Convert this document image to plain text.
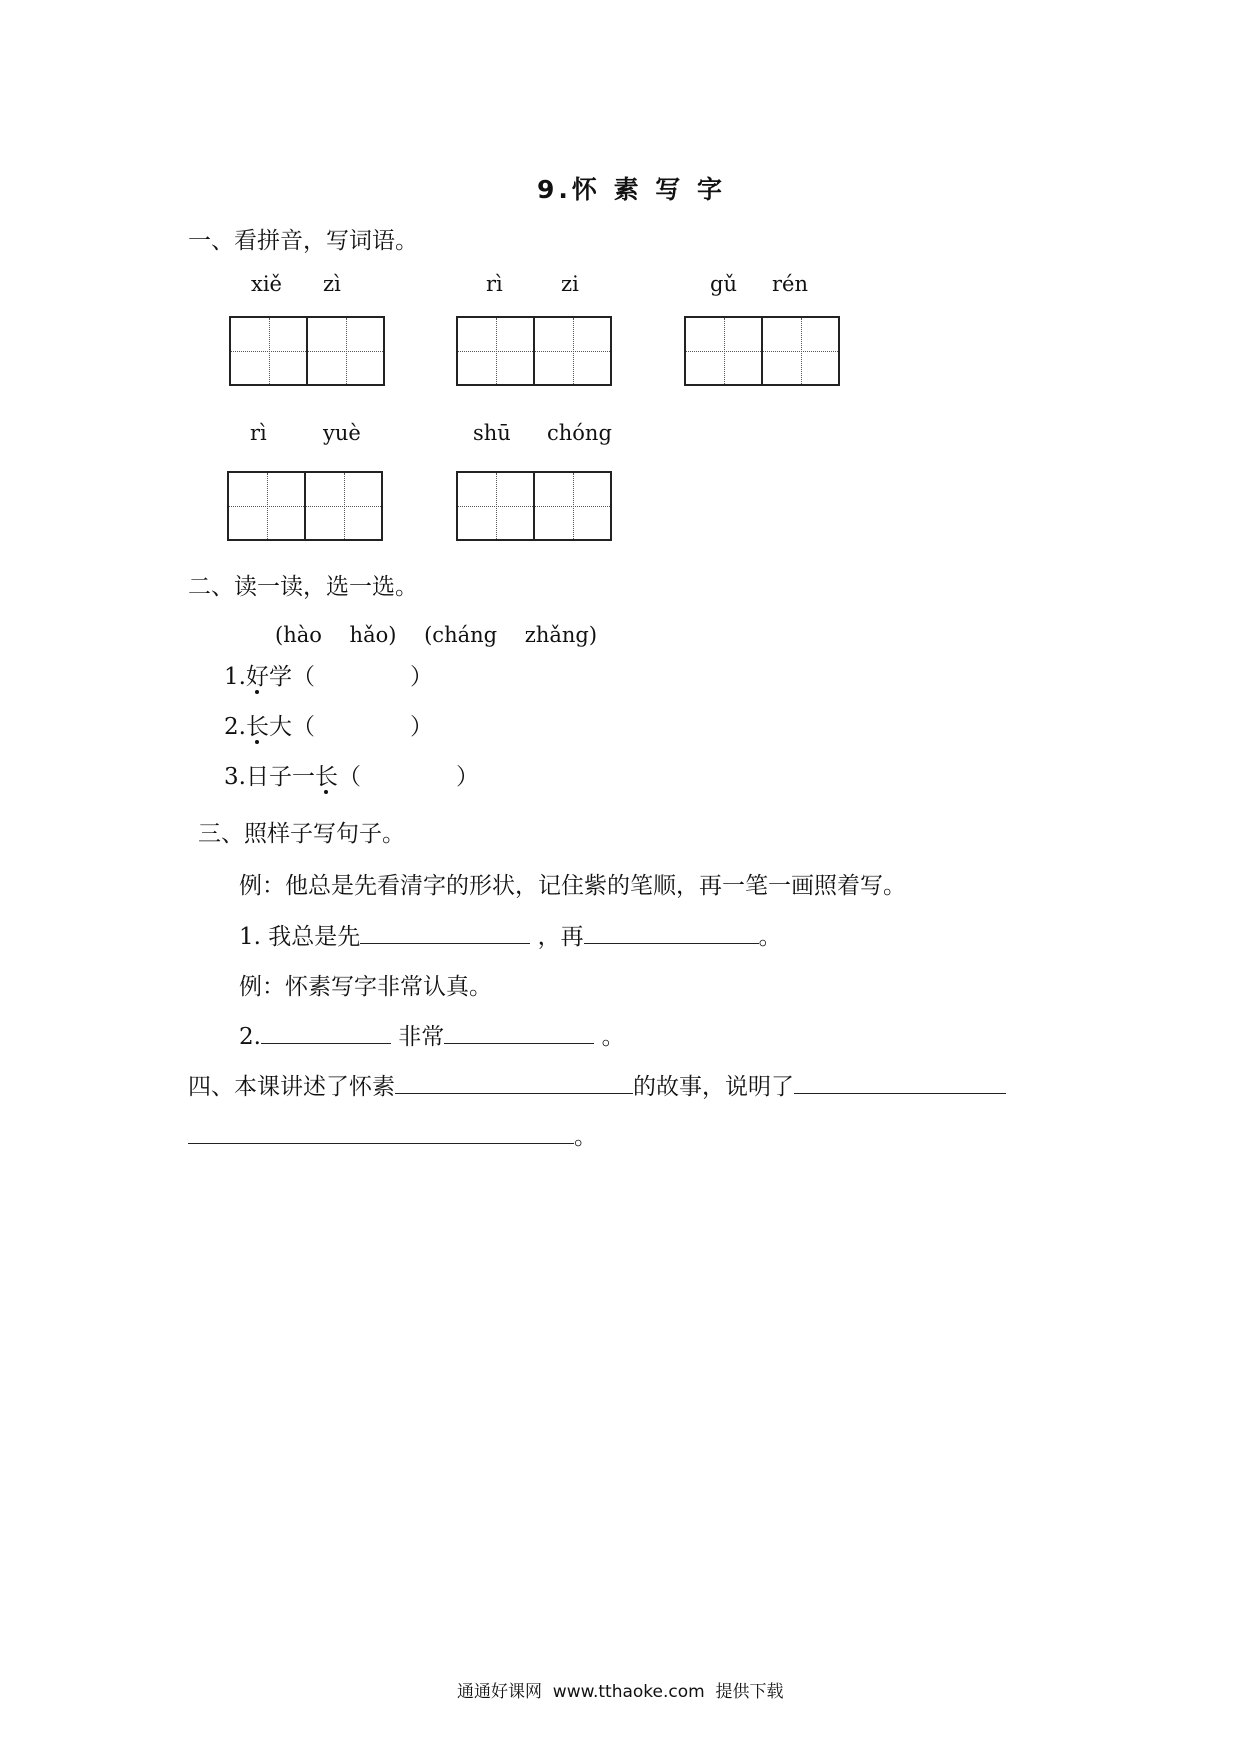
9.怀 素 写 字
一、看拼音，写词语。
xiě zì	rì	zi	gǔ rén
rì	yuè	shū chóng
二、读一读，选一选。
(hào　 hǎo)　 (cháng　 zhǎng)
1.好学（	）
2.长大（	）
3.日子一长（	）
三、照样子写句子。
例：他总是先看清字的形状，记住紫的笔顺，再一笔一画照着写。
1. 我总是先	，再	。
例：怀素写字非常认真。
2.	非常	。
四、本课讲述了怀素	的故事，说明了
。
通通好课网  www.tthaoke.com  提供下载
